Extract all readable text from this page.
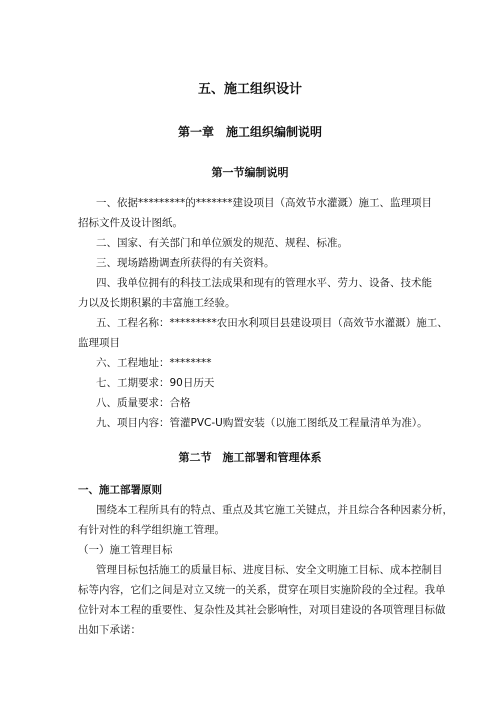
五、施工组织设计
第一章　施工组织编制说明
第一节编制说明
一、依据*********的*******建设项目（高效节水灌溉）施工、监理项目
招标文件及设计图纸。
二、国家、有关部门和单位颁发的规范、规程、标准。
三、现场踏勘调查所获得的有关资料。
四、我单位拥有的科技工法成果和现有的管理水平、劳力、设备、技术能
力以及长期积累的丰富施工经验。
五、工程名称：*********农田水利项目县建设项目（高效节水灌溉）施工、
监理项目
六、工程地址：********
七、工期要求：90日历天
八、质量要求：合格
九、项目内容：管灌PVC-U购置安装（以施工图纸及工程量清单为准）。
第二节　施工部署和管理体系
一、施工部署原则
围绕本工程所具有的特点、重点及其它施工关键点，并且综合各种因素分析，
有针对性的科学组织施工管理。
（一）施工管理目标
管理目标包括施工的质量目标、进度目标、安全文明施工目标、成本控制目
标等内容，它们之间是对立又统一的关系，贯穿在项目实施阶段的全过程。我单
位针对本工程的重要性、复杂性及其社会影响性，对项目建设的各项管理目标做
出如下承诺：
